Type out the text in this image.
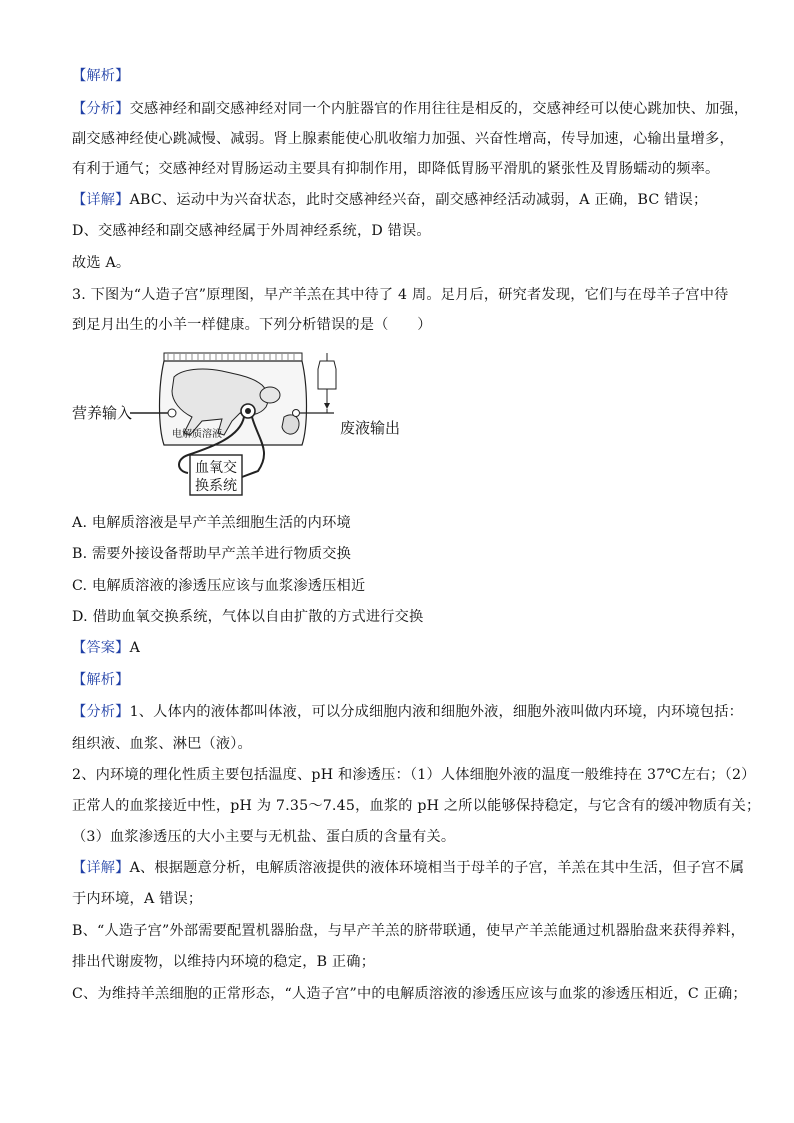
【解析】
【分析】交感神经和副交感神经对同一个内脏器官的作用往往是相反的，交感神经可以使心跳加快、加强，
副交感神经使心跳减慢、减弱。肾上腺素能使心肌收缩力加强、兴奋性增高，传导加速，心输出量增多，
有利于通气；交感神经对胃肠运动主要具有抑制作用，即降低胃肠平滑肌的紧张性及胃肠蠕动的频率。
【详解】ABC、运动中为兴奋状态，此时交感神经兴奋，副交感神经活动减弱，A 正确，BC 错误；
D、交感神经和副交感神经属于外周神经系统，D 错误。
故选 A。
3. 下图为“人造子宫”原理图，早产羊羔在其中待了 4 周。足月后，研究者发现，它们与在母羊子宫中待
到足月出生的小羊一样健康。下列分析错误的是（　　）
营养输入
废液输出
电解质溶液
血氧交
换系统
A. 电解质溶液是早产羊羔细胞生活的内环境
B. 需要外接设备帮助早产羔羊进行物质交换
C. 电解质溶液的渗透压应该与血浆渗透压相近
D. 借助血氧交换系统，气体以自由扩散的方式进行交换
【答案】A
【解析】
【分析】1、人体内的液体都叫体液，可以分成细胞内液和细胞外液，细胞外液叫做内环境，内环境包括：
组织液、血浆、淋巴（液）。
2、内环境的理化性质主要包括温度、pH 和渗透压：（1）人体细胞外液的温度一般维持在 37℃左右；（2）
正常人的血浆接近中性，pH 为 7.35～7.45，血浆的 pH 之所以能够保持稳定，与它含有的缓冲物质有关；
（3）血浆渗透压的大小主要与无机盐、蛋白质的含量有关。
【详解】A、根据题意分析，电解质溶液提供的液体环境相当于母羊的子宫，羊羔在其中生活，但子宫不属
于内环境，A 错误；
B、“人造子宫”外部需要配置机器胎盘，与早产羊羔的脐带联通，使早产羊羔能通过机器胎盘来获得养料，
排出代谢废物，以维持内环境的稳定，B 正确；
C、为维持羊羔细胞的正常形态，“人造子宫”中的电解质溶液的渗透压应该与血浆的渗透压相近，C 正确；
